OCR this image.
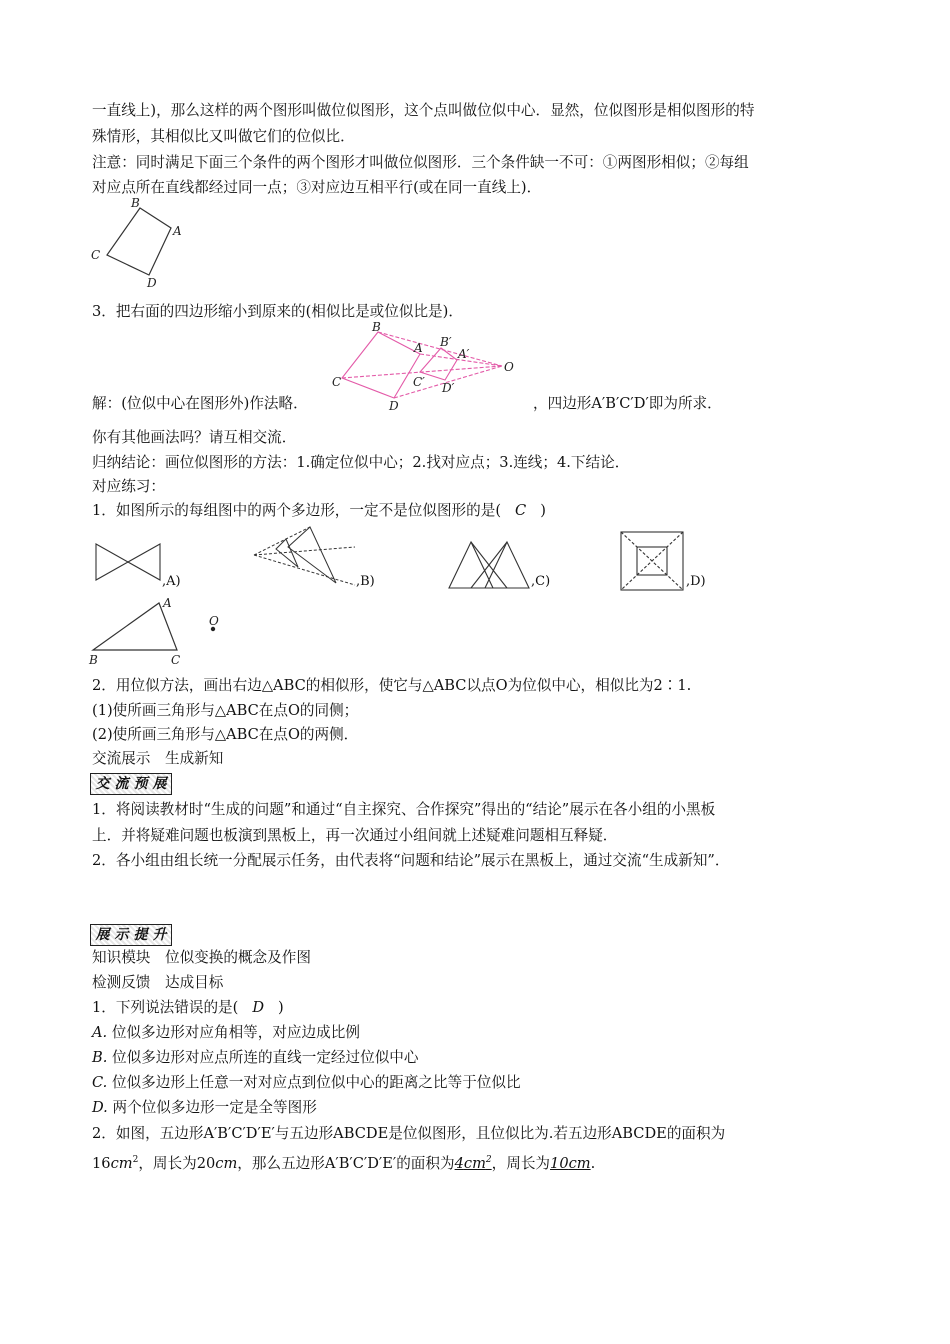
一直线上)，那么这样的两个图形叫做位似图形，这个点叫做位似中心．显然，位似图形是相似图形的特
殊情形，其相似比又叫做它们的位似比．
注意：同时满足下面三个条件的两个图形才叫做位似图形．三个条件缺一不可：①两图形相似；②每组
对应点所在直线都经过同一点；③对应边互相平行(或在同一直线上)．
B
A
C
D
3．把右面的四边形缩小到原来的(相似比是或位似比是)．
B
B′
A	A′
C	C′
D
D′
O
解：(位似中心在图形外)作法略．	，四边形A′B′C′D′即为所求．
你有其他画法吗？请互相交流．
归纳结论：画位似图形的方法：1.确定位似中心；2.找对应点；3.连线；4.下结论．
对应练习：
1．如图所示的每组图中的两个多边形，一定不是位似图形的是( C )
,A)	,B)	,C)	,D)
A
B	C
O
2．用位似方法，画出右边△ABC的相似形，使它与△ABC以点O为位似中心，相似比为2∶1.
(1)使所画三角形与△ABC在点O的同侧；
(2)使所画三角形与△ABC在点O的两侧．
交流展示　生成新知
交 流 预 展
1．将阅读教材时“生成的问题”和通过“自主探究、合作探究”得出的“结论”展示在各小组的小黑板
上．并将疑难问题也板演到黑板上，再一次通过小组间就上述疑难问题相互释疑．
2．各小组由组长统一分配展示任务，由代表将“问题和结论”展示在黑板上，通过交流“生成新知”．
展 示 提 升
知识模块　位似变换的概念及作图
检测反馈　达成目标
1．下列说法错误的是( D )
A. 位似多边形对应角相等，对应边成比例
B. 位似多边形对应点所连的直线一定经过位似中心
C. 位似多边形上任意一对对应点到位似中心的距离之比等于位似比
D. 两个位似多边形一定是全等图形
2．如图，五边形A′B′C′D′E′与五边形ABCDE是位似图形，且位似比为.若五边形ABCDE的面积为
$16cm^2$，周长为20cm，那么五边形A′B′C′D′E′的面积为$4cm^2$，周长为10cm.
